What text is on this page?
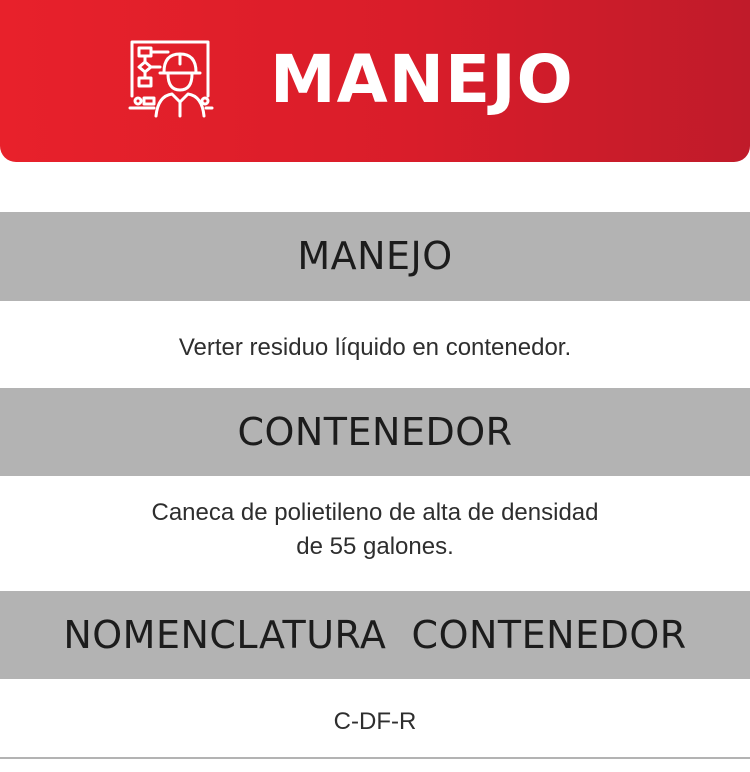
MANEJO
MANEJO
Verter residuo líquido en contenedor.
CONTENEDOR
Caneca de polietileno de alta de densidad
de 55 galones.
NOMENCLATURA  CONTENEDOR
C-DF-R
